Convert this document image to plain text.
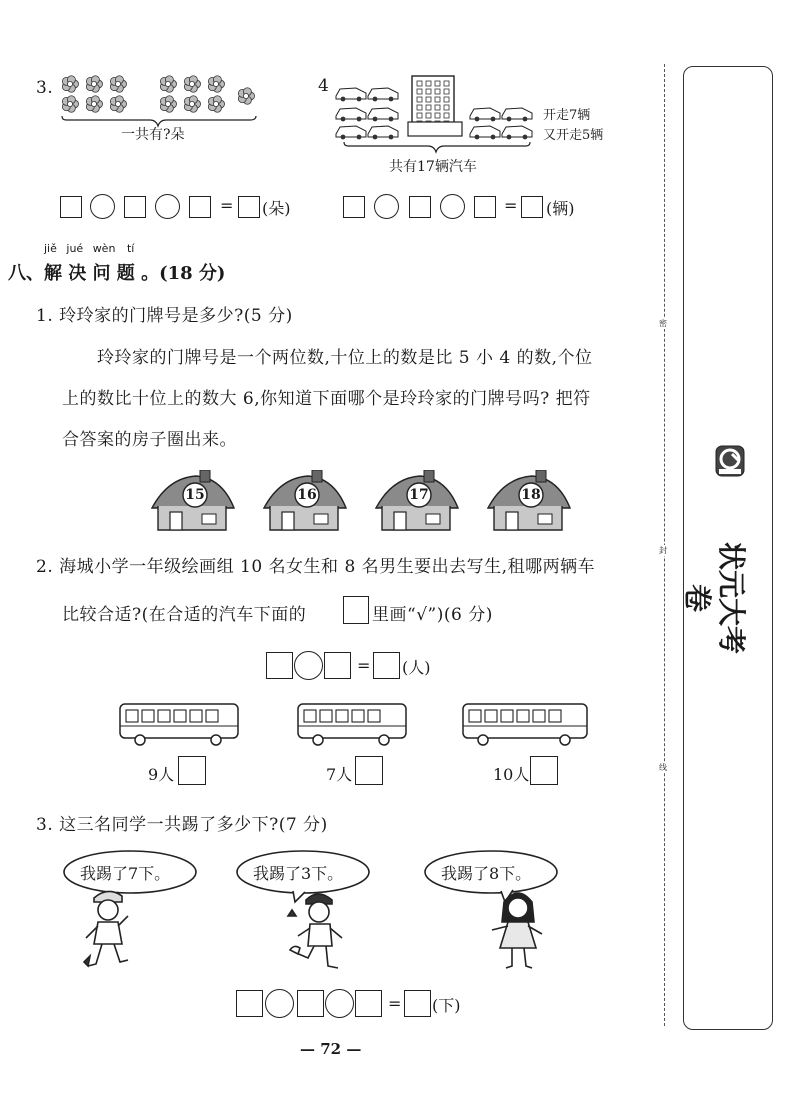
3.
一共有?朵
= (朵)
4
开走7辆
又开走5辆
共有17辆汽车
= (辆)
jiě jué wèn tí
八、解 决 问 题 。(18 分)
1. 玲玲家的门牌号是多少?(5 分)
玲玲家的门牌号是一个两位数,十位上的数是比 5 小 4 的数,个位
上的数比十位上的数大 6,你知道下面哪个是玲玲家的门牌号吗? 把符
合答案的房子圈出来。
15	16	17	18
2. 海城小学一年级绘画组 10 名女生和 8 名男生要出去写生,租哪两辆车
比较合适?(在合适的汽车下面的	里画“√”)(6 分)
= (人)
9人	7人	10人
3. 这三名同学一共踢了多少下?(7 分)
我踢了7下。	我踢了3下。	我踢了8下。
= (下)
— 72 —
密
封
线
状元大考卷
